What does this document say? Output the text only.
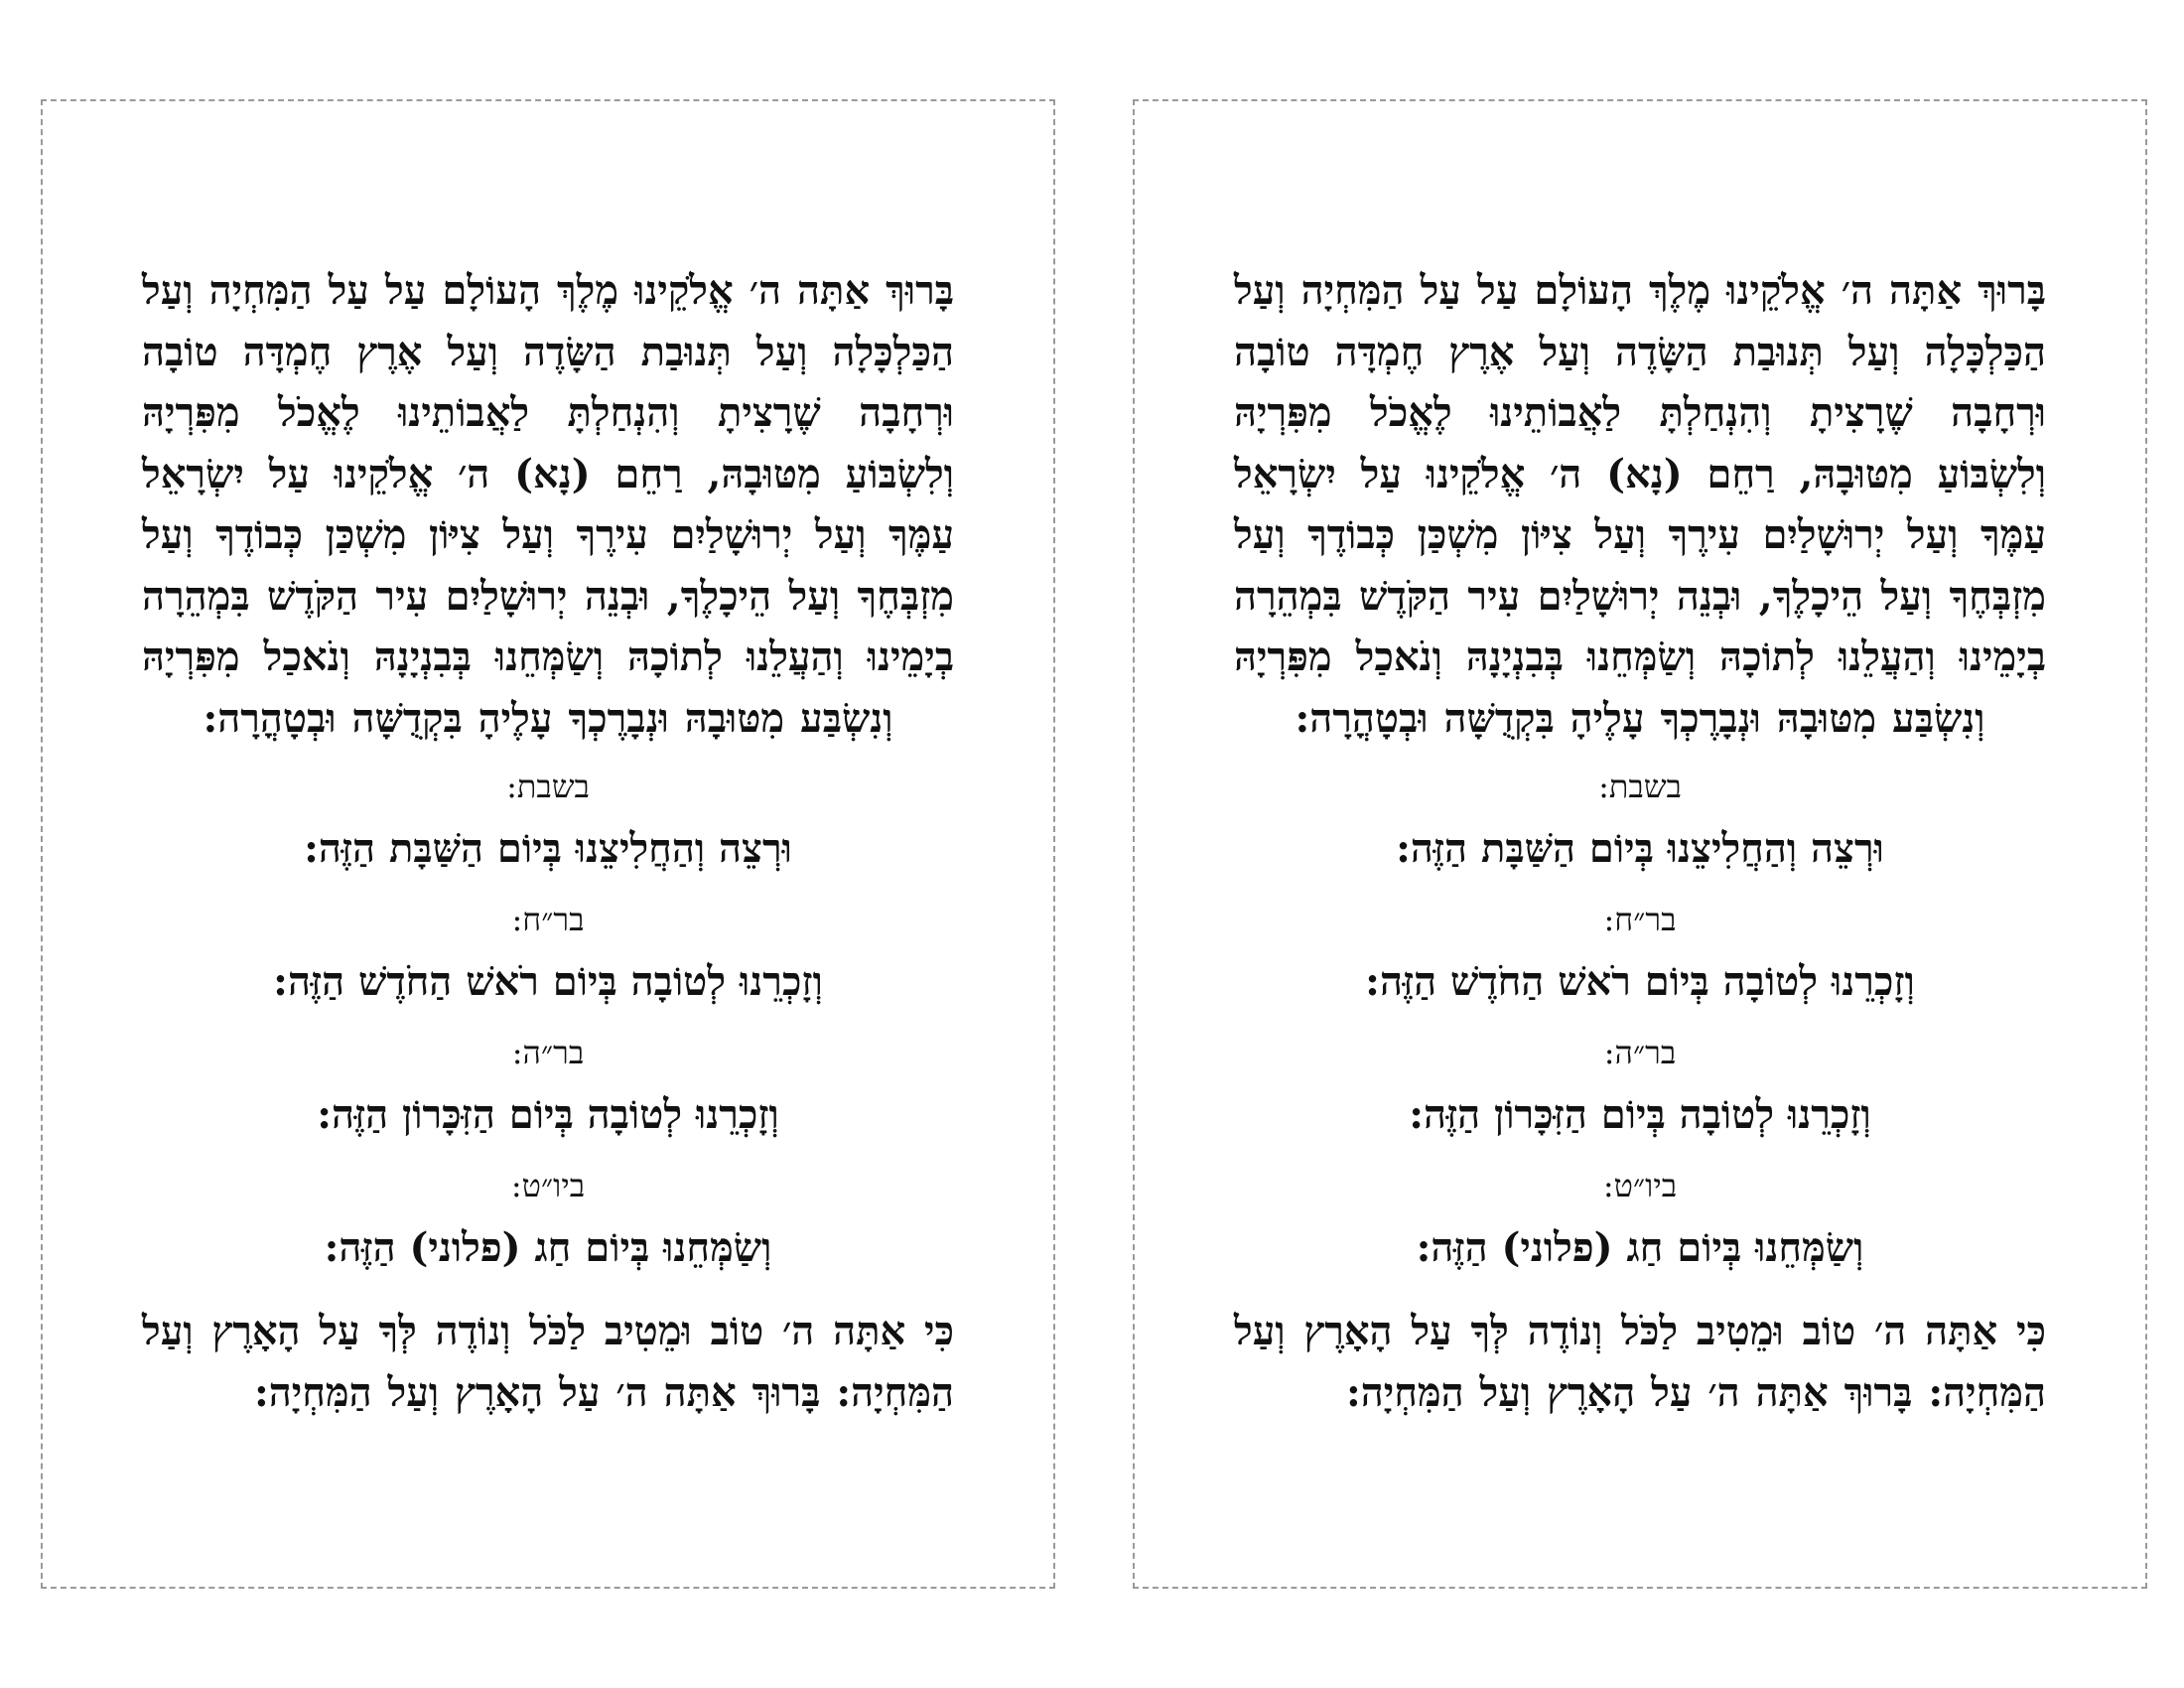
בָּרוּךְ אַתָּה ה׳ אֱלֹקֵינוּ מֶלֶךְ הָעוֹלָם עַל עַל הַמִּחְיָה וְעַל הַכַּלְכָּלָה וְעַל תְּנוּבַת הַשָּׂדֶה וְעַל אֶרֶץ חֶמְדָּה טוֹבָה וּרְחָבָה שֶׁרָצִיתָ וְהִנְחַלְתָּ לַאֲבוֹתֵינוּ לֶאֱכֹל מִפִּרְיָהּ וְלִשְׂבּוֹעַ מִטּוּבָהּ, רַחֵם (נָא) ה׳ אֱלֹקֵינוּ עַל יִשְׂרָאֵל עַמֶּךָ וְעַל יְרוּשָׁלַיִם עִירֶךָ וְעַל צִיּוֹן מִשְׁכַּן כְּבוֹדֶךָ וְעַל מִזְבְּחֶךָ וְעַל הֵיכָלֶךָ, וּבְנֵה יְרוּשָׁלַיִם עִיר הַקֹּדֶשׁ בִּמְהֵרָה בְיָמֵינוּ וְהַעֲלֵנוּ לְתוֹכָהּ וְשַׂמְּחֵנוּ בְּבִנְיָנָהּ וְנֹאכַל מִפִּרְיָהּ וְנִשְׂבַּע מִטּוּבָהּ וּנְבָרֶכְךָ עָלֶיהָ בִּקְדֻשָּׁה וּבְטָהֳרָה:

בשבת:
וּרְצֵה וְהַחֲלִיצֵנוּ בְּיוֹם הַשַּׁבָּת הַזֶּה:
בר״ח:
וְזָכְרֵנוּ לְטוֹבָה בְּיוֹם רֹאשׁ הַחֹדֶשׁ הַזֶּה:
בר״ה:
וְזָכְרֵנוּ לְטוֹבָה בְּיוֹם הַזִּכָּרוֹן הַזֶּה:
ביו״ט:
וְשַׂמְּחֵנוּ בְּיוֹם חַג (פלוני) הַזֶּה:

כִּי אַתָּה ה׳ טוֹב וּמֵטִיב לַכֹּל וְנוֹדֶה לְּךָ עַל הָאָרֶץ וְעַל הַמִּחְיָה: בָּרוּךְ אַתָּה ה׳ עַל הָאָרֶץ וְעַל הַמִּחְיָה:

בָּרוּךְ אַתָּה ה׳ אֱלֹקֵינוּ מֶלֶךְ הָעוֹלָם עַל עַל הַמִּחְיָה וְעַל הַכַּלְכָּלָה וְעַל תְּנוּבַת הַשָּׂדֶה וְעַל אֶרֶץ חֶמְדָּה טוֹבָה וּרְחָבָה שֶׁרָצִיתָ וְהִנְחַלְתָּ לַאֲבוֹתֵינוּ לֶאֱכֹל מִפִּרְיָהּ וְלִשְׂבּוֹעַ מִטּוּבָהּ, רַחֵם (נָא) ה׳ אֱלֹקֵינוּ עַל יִשְׂרָאֵל עַמֶּךָ וְעַל יְרוּשָׁלַיִם עִירֶךָ וְעַל צִיּוֹן מִשְׁכַּן כְּבוֹדֶךָ וְעַל מִזְבְּחֶךָ וְעַל הֵיכָלֶךָ, וּבְנֵה יְרוּשָׁלַיִם עִיר הַקֹּדֶשׁ בִּמְהֵרָה בְיָמֵינוּ וְהַעֲלֵנוּ לְתוֹכָהּ וְשַׂמְּחֵנוּ בְּבִנְיָנָהּ וְנֹאכַל מִפִּרְיָהּ וְנִשְׂבַּע מִטּוּבָהּ וּנְבָרֶכְךָ עָלֶיהָ בִּקְדֻשָּׁה וּבְטָהֳרָה:

בשבת:
וּרְצֵה וְהַחֲלִיצֵנוּ בְּיוֹם הַשַּׁבָּת הַזֶּה:
בר״ח:
וְזָכְרֵנוּ לְטוֹבָה בְּיוֹם רֹאשׁ הַחֹדֶשׁ הַזֶּה:
בר״ה:
וְזָכְרֵנוּ לְטוֹבָה בְּיוֹם הַזִּכָּרוֹן הַזֶּה:
ביו״ט:
וְשַׂמְּחֵנוּ בְּיוֹם חַג (פלוני) הַזֶּה:

כִּי אַתָּה ה׳ טוֹב וּמֵטִיב לַכֹּל וְנוֹדֶה לְּךָ עַל הָאָרֶץ וְעַל הַמִּחְיָה: בָּרוּךְ אַתָּה ה׳ עַל הָאָרֶץ וְעַל הַמִּחְיָה:
